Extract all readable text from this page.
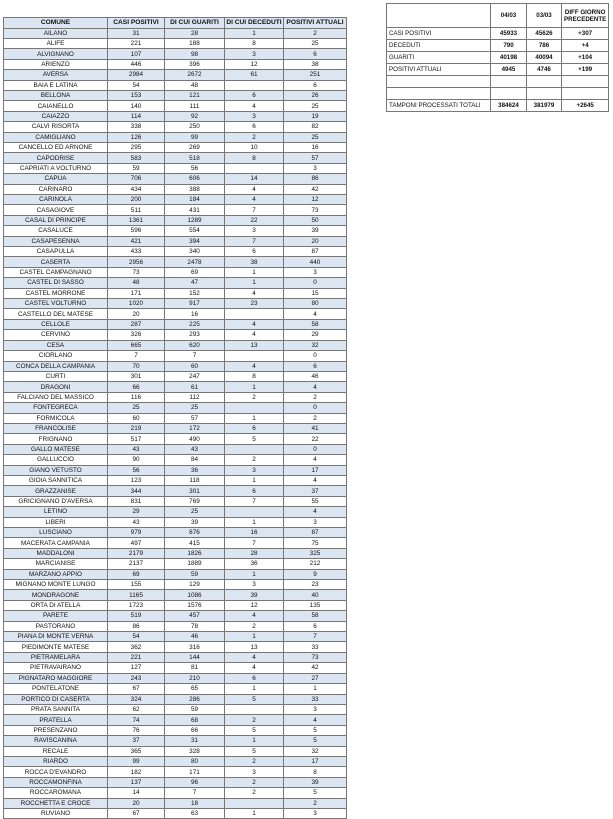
COMUNE	CASI POSITIVI	DI CUI GUARITI	DI CUI DECEDUTI	POSITIVI ATTUALI
AILANO	31	28	1	2
ALIFE	221	188	8	25
ALVIGNANO	107	98	3	6
ARIENZO	446	396	12	38
AVERSA	2984	2672	61	251
BAIA E LATINA	54	48		6
BELLONA	153	121	6	26
CAIANELLO	140	111	4	25
CAIAZZO	114	92	3	19
CALVI RISORTA	338	250	6	82
CAMIGLIANO	126	99	2	25
CANCELLO ED ARNONE	295	269	10	16
CAPODRISE	583	518	8	57
CAPRIATI A VOLTURNO	59	56		3
CAPUA	706	606	14	86
CARINARO	434	388	4	42
CARINOLA	200	184	4	12
CASAGIOVE	511	431	7	73
CASAL DI PRINCIPE	1361	1289	22	50
CASALUCE	596	554	3	39
CASAPESENNA	421	394	7	20
CASAPULLA	433	340	6	87
CASERTA	2956	2478	38	440
CASTEL CAMPAGNANO	73	69	1	3
CASTEL DI SASSO	48	47	1	0
CASTEL MORRONE	171	152	4	15
CASTEL VOLTURNO	1020	917	23	80
CASTELLO DEL MATESE	20	16		4
CELLOLE	287	225	4	58
CERVINO	326	293	4	29
CESA	665	620	13	32
CIORLANO	7	7		0
CONCA DELLA CAMPANIA	70	60	4	6
CURTI	301	247	8	46
DRAGONI	66	61	1	4
FALCIANO DEL MASSICO	116	112	2	2
FONTEGRECA	25	25		0
FORMICOLA	60	57	1	2
FRANCOLISE	219	172	6	41
FRIGNANO	517	490	5	22
GALLO MATESE	43	43		0
GALLUCCIO	90	84	2	4
GIANO VETUSTO	56	36	3	17
GIOIA SANNITICA	123	118	1	4
GRAZZANISE	344	301	6	37
GRICIGNANO D'AVERSA	831	769	7	55
LETINO	29	25		4
LIBERI	43	39	1	3
LUSCIANO	979	876	16	87
MACERATA CAMPANIA	497	415	7	75
MADDALONI	2179	1826	28	325
MARCIANISE	2137	1889	36	212
MARZANO APPIO	69	59	1	9
MIGNANO MONTE LUNGO	155	129	3	23
MONDRAGONE	1165	1086	39	40
ORTA DI ATELLA	1723	1576	12	135
PARETE	519	457	4	58
PASTORANO	86	78	2	6
PIANA DI MONTE VERNA	54	46	1	7
PIEDIMONTE MATESE	362	316	13	33
PIETRAMELARA	221	144	4	73
PIETRAVAIRANO	127	81	4	42
PIGNATARO MAGGIORE	243	210	6	27
PONTELATONE	67	65	1	1
PORTICO DI CASERTA	324	286	5	33
PRATA SANNITA	62	59		3
PRATELLA	74	68	2	4
PRESENZANO	76	66	5	5
RAVISCANINA	37	31	1	5
RECALE	365	328	5	32
RIARDO	99	80	2	17
ROCCA D'EVANDRO	182	171	3	8
ROCCAMONFINA	137	96	2	39
ROCCAROMANA	14	7	2	5
ROCCHETTA E CROCE	20	18		2
RUVIANO	67	63	1	3
	04/03	03/03	DIFF GIORNO PRECEDENTE
CASI POSITIVI	45933	45626	+307
DECEDUTI	790	786	+4
GUARITI	40198	40094	+104
POSITIVI ATTUALI	4945	4746	+199

TAMPONI PROCESSATI TOTALI	384624	381979	+2645
